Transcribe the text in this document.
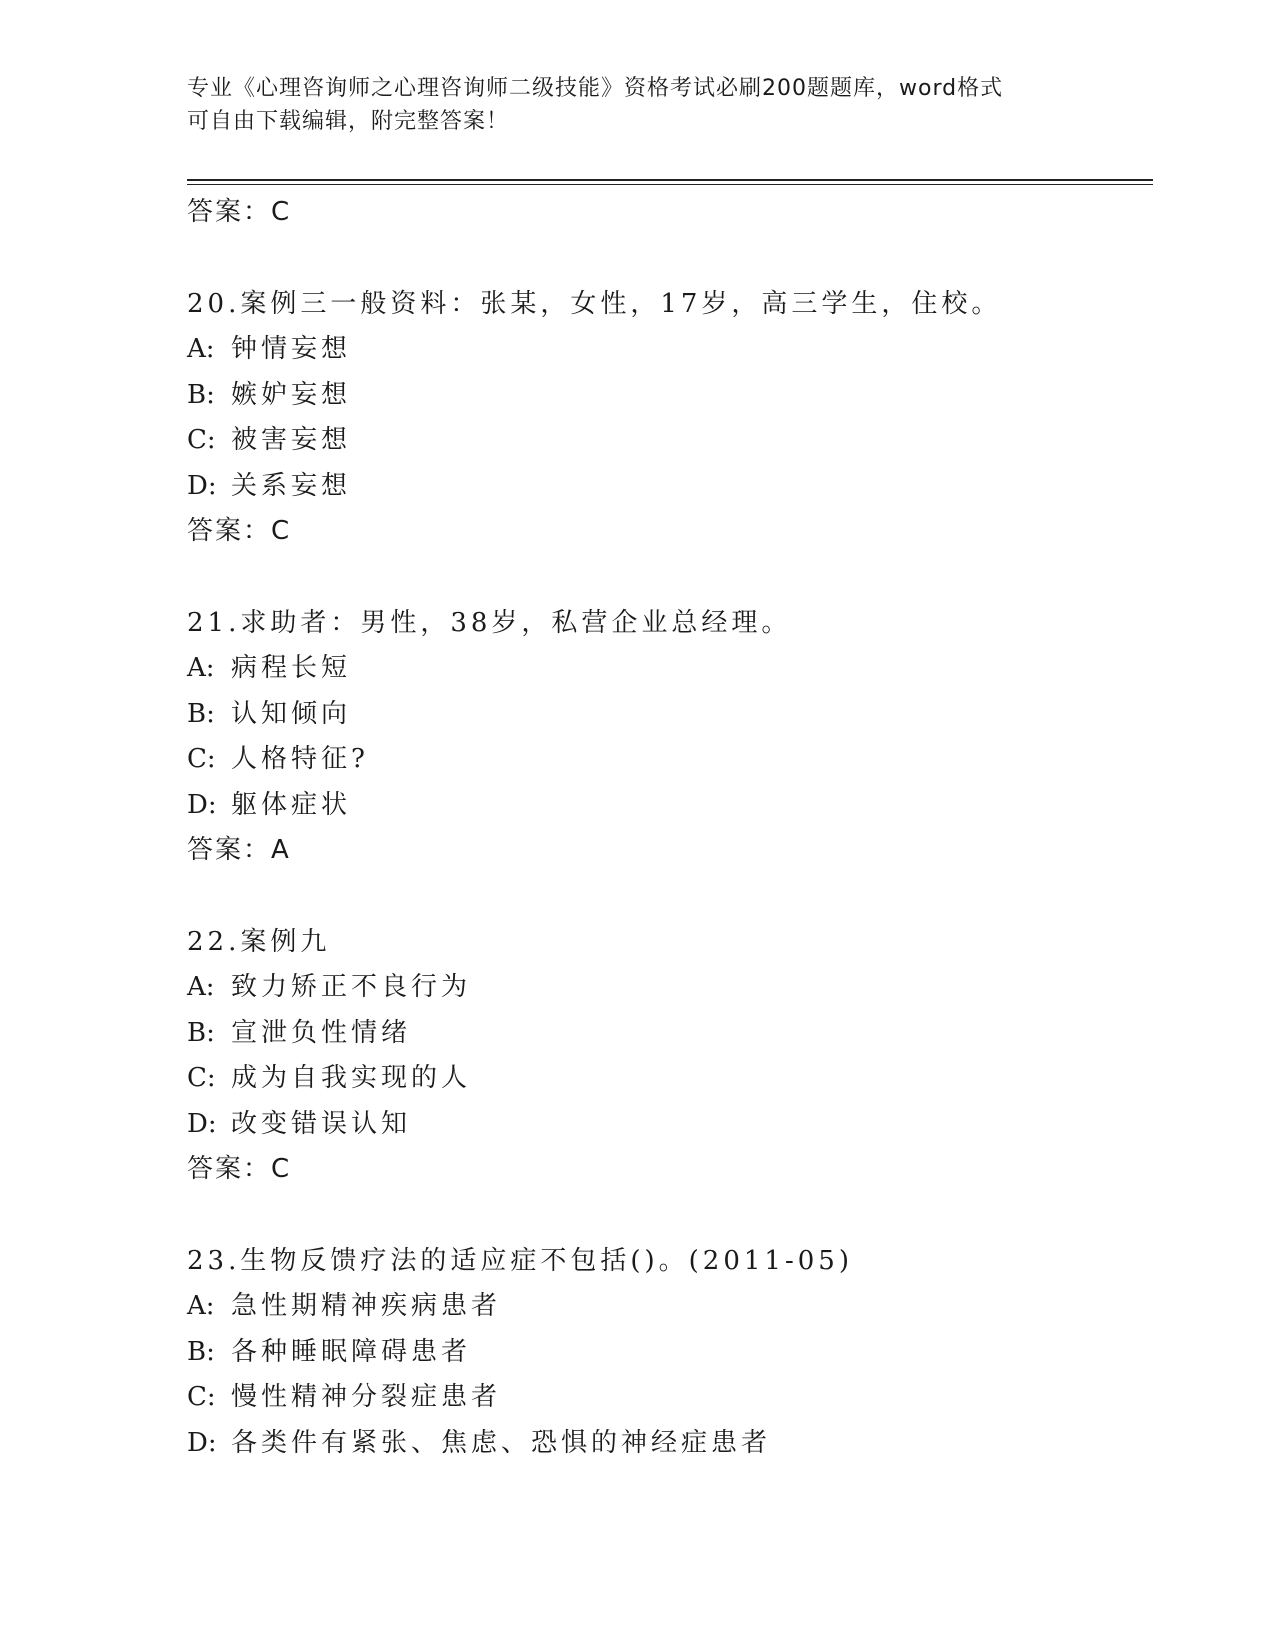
专业《心理咨询师之心理咨询师二级技能》资格考试必刷200题题库，word格式
可自由下载编辑，附完整答案！
答案：C
20.案例三一般资料：张某，女性，17岁，高三学生，住校。
A: 钟情妄想
B: 嫉妒妄想
C: 被害妄想
D: 关系妄想
答案：C
21.求助者：男性，38岁，私营企业总经理。
A: 病程长短
B: 认知倾向
C: 人格特征?
D: 躯体症状
答案：A
22.案例九
A: 致力矫正不良行为
B: 宣泄负性情绪
C: 成为自我实现的人
D: 改变错误认知
答案：C
23.生物反馈疗法的适应症不包括()。(2011-05)
A: 急性期精神疾病患者
B: 各种睡眠障碍患者
C: 慢性精神分裂症患者
D: 各类件有紧张、焦虑、恐惧的神经症患者
